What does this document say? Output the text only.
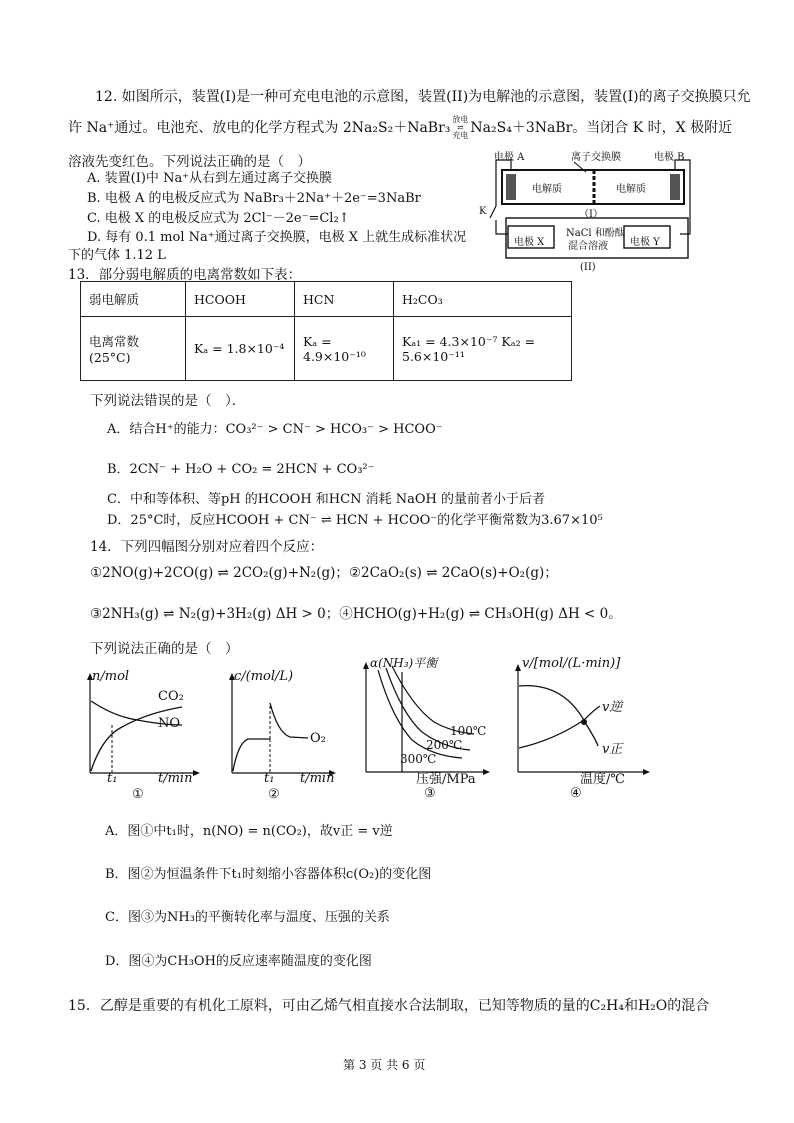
12. 如图所示，装置(I)是一种可充电电池的示意图，装置(II)为电解池的示意图，装置(I)的离子交换膜只允
许 Na⁺通过。电池充、放电的化学方程式为 2Na₂S₂＋NaBr₃放电
⇌
充电 Na₂S₄＋3NaBr。当闭合 K 时，X 极附近
溶液先变红色。下列说法正确的是（　）
A. 装置(I)中 Na⁺从右到左通过离子交换膜
B. 电极 A 的电极反应式为 NaBr₃＋2Na⁺＋2e⁻=3NaBr
C. 电极 X 的电极反应式为 2Cl⁻－2e⁻=Cl₂↑
D. 每有 0.1 mol Na⁺通过离子交换膜，电极 X 上就生成标准状况
下的气体 1.12 L
电极 A	离子交换膜	电极 B
电解质	电解质
（I）
K
电极 X
NaCl 和酚酞
混合溶液 电极 Y
(II)
13．部分弱电解质的电离常数如下表：
弱电解质	HCOOH	HCN	H₂CO₃
电离常数(25°C)	Kₐ = 1.8×10⁻⁴	Kₐ = 4.9×10⁻¹⁰	Kₐ₁ = 4.3×10⁻⁷ Kₐ₂ = 5.6×10⁻¹¹
下列说法错误的是（　）．
A．结合H⁺的能力：CO₃²⁻ > CN⁻ > HCO₃⁻ > HCOO⁻
B．2CN⁻ + H₂O + CO₂ = 2HCN + CO₃²⁻
C．中和等体积、等pH 的HCOOH 和HCN 消耗 NaOH 的量前者小于后者
D．25°C时，反应HCOOH + CN⁻ ⇌ HCN + HCOO⁻的化学平衡常数为3.67×10⁵
14．下列四幅图分别对应着四个反应：
①2NO(g)+2CO(g) ⇌ 2CO₂(g)+N₂(g)；②2CaO₂(s) ⇌ 2CaO(s)+O₂(g)；
③2NH₃(g) ⇌ N₂(g)+3H₂(g) ΔH > 0；④HCHO(g)+H₂(g) ⇌ CH₃OH(g) ΔH < 0。
下列说法正确的是（　）
n/mol
CO₂
NO
t₁	t/min
①
c/(mol/L)
O₂
t₁ t/min
②
α(NH₃)平衡
100℃
200℃
300℃
压强/MPa
③
v/[mol/(L·min)]
v逆
v正
温度/℃
④
A．图①中t₁时，n(NO) = n(CO₂)，故v正 = v逆
B．图②为恒温条件下t₁时刻缩小容器体积c(O₂)的变化图
C．图③为NH₃的平衡转化率与温度、压强的关系
D．图④为CH₃OH的反应速率随温度的变化图
15．乙醇是重要的有机化工原料，可由乙烯气相直接水合法制取，已知等物质的量的C₂H₄和H₂O的混合
第 3 页 共 6 页
